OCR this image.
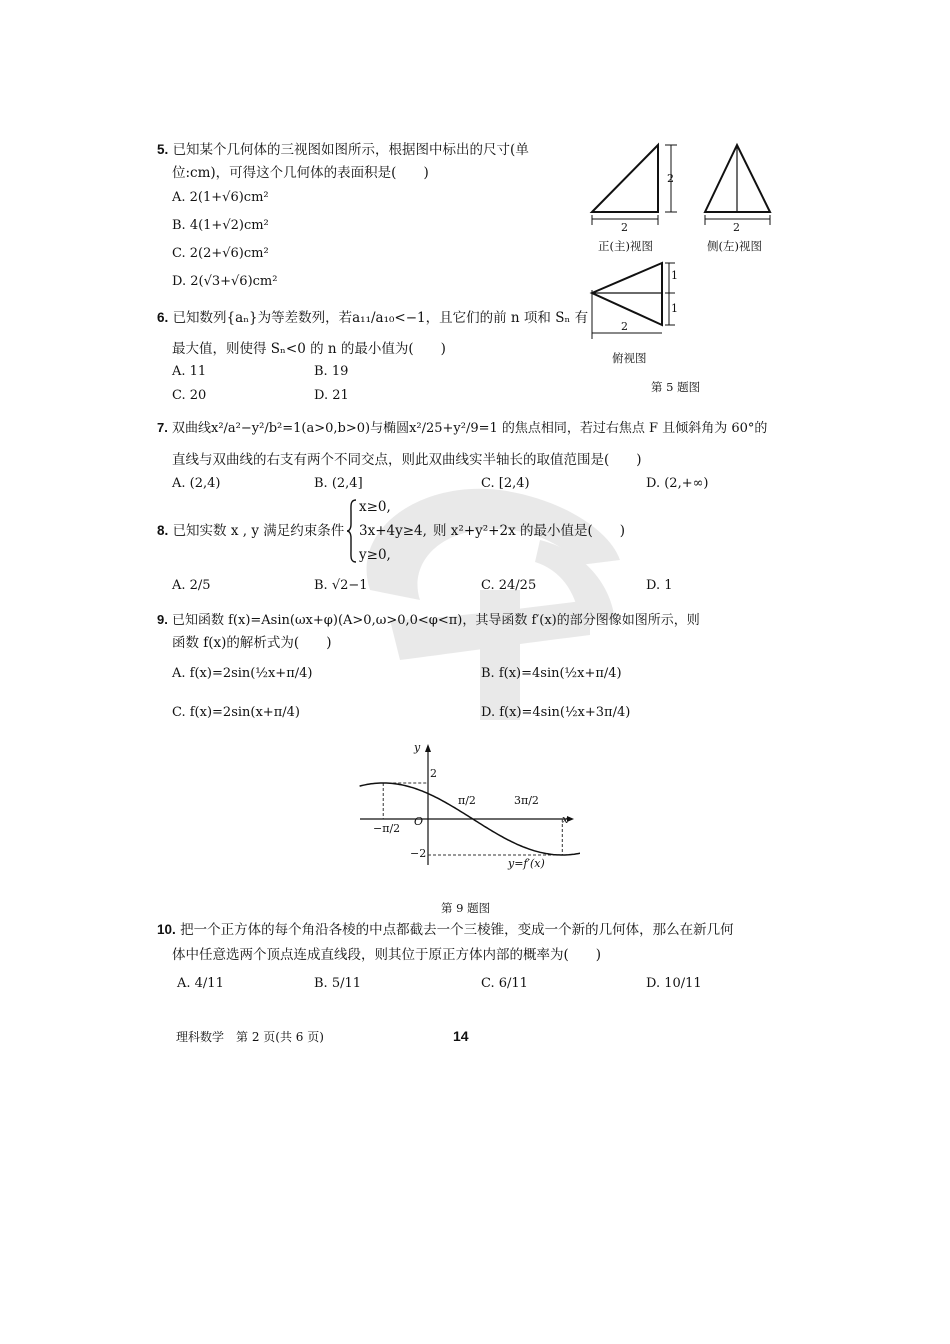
5. 已知某个几何体的三视图如图所示，根据图中标出的尺寸(单
位:cm)，可得这个几何体的表面积是(　　)
A. 2(1+√6)cm²
B. 4(1+√2)cm²
C. 2(2+√6)cm²
D. 2(√3+√6)cm²
2
2	2
正(主)视图	侧(左)视图
1
1
2
俯视图
第 5 题图
6. 已知数列{aₙ}为等差数列，若a₁₁/a₁₀<−1，且它们的前 n 项和 Sₙ 有
最大值，则使得 Sₙ<0 的 n 的最小值为(　　)
A. 11	B. 19
C. 20	D. 21
7. 双曲线x²/a²−y²/b²=1(a>0,b>0)与椭圆x²/25+y²/9=1 的焦点相同，若过右焦点 F 且倾斜角为 60°的
直线与双曲线的右支有两个不同交点，则此双曲线实半轴长的取值范围是(　　)
A. (2,4)	B. (2,4]	C. [2,4)	D. (2,+∞)
8. 已知实数 x , y 满足约束条件
x≥0,
3x+4y≥4,
y≥0,
则 x²+y²+2x 的最小值是(　　)
A. 2/5	B. √2−1	C. 24/25	D. 1
9. 已知函数 f(x)=Asin(ωx+φ)(A>0,ω>0,0<φ<π)，其导函数 f′(x)的部分图像如图所示，则
函数 f(x)的解析式为(　　)
A. f(x)=2sin(½x+π/4)	B. f(x)=4sin(½x+π/4)
C. f(x)=2sin(x+π/4)	D. f(x)=4sin(½x+3π/4)
y
x
O
2
−2
−π/2
π/2	3π/2
y=f′(x)
第 9 题图
10. 把一个正方体的每个角沿各棱的中点都截去一个三棱锥，变成一个新的几何体，那么在新几何
体中任意选两个顶点连成直线段，则其位于原正方体内部的概率为(　　)
A. 4/11	B. 5/11	C. 6/11	D. 10/11
理科数学　第 2 页(共 6 页)	14
